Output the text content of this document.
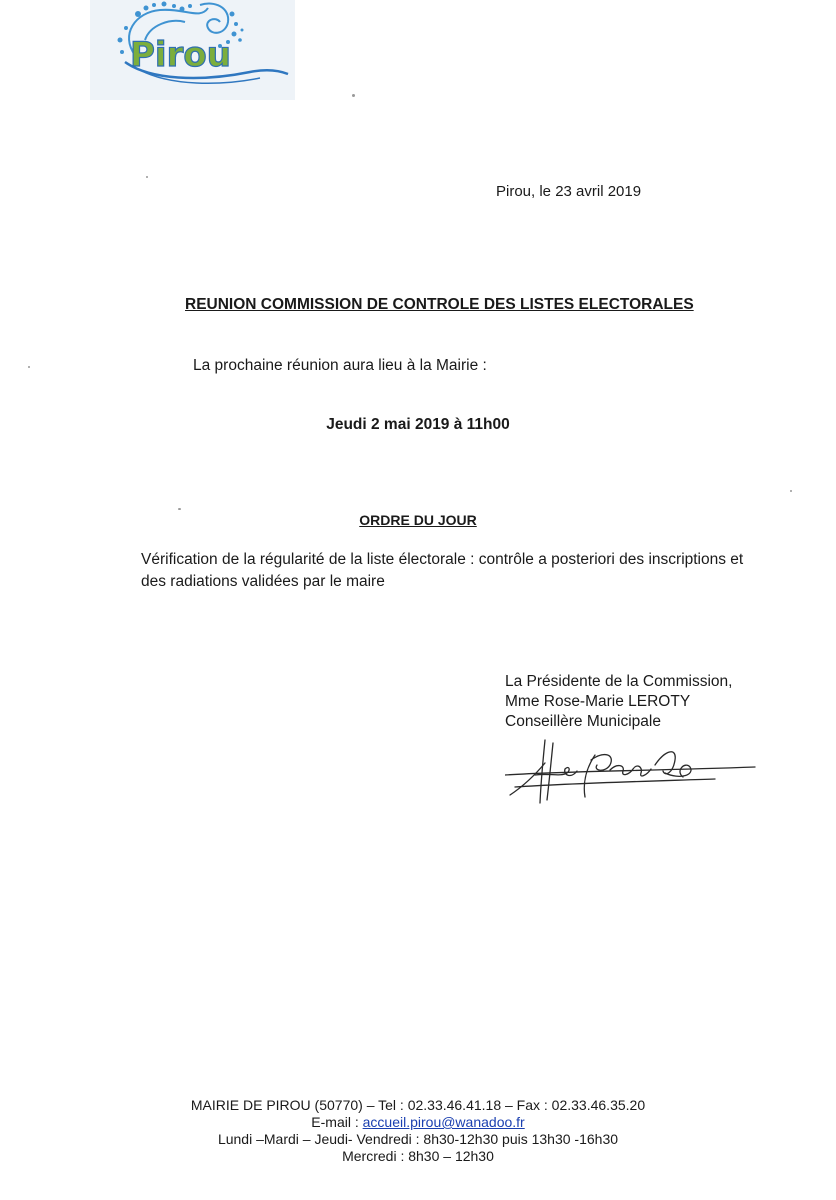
Pirou
Pirou, le 23 avril 2019
REUNION COMMISSION DE CONTROLE DES LISTES ELECTORALES
La prochaine réunion aura lieu à la Mairie :
Jeudi 2 mai 2019 à 11h00
ORDRE DU JOUR
Vérification de la régularité de la liste électorale : contrôle a posteriori des inscriptions et des radiations validées par le maire
La Présidente de la Commission,
Mme Rose-Marie LEROTY
Conseillère Municipale
MAIRIE DE PIROU (50770) – Tel : 02.33.46.41.18 – Fax : 02.33.46.35.20
E-mail : accueil.pirou@wanadoo.fr
Lundi –Mardi – Jeudi- Vendredi : 8h30-12h30 puis 13h30 -16h30
Mercredi : 8h30 – 12h30
